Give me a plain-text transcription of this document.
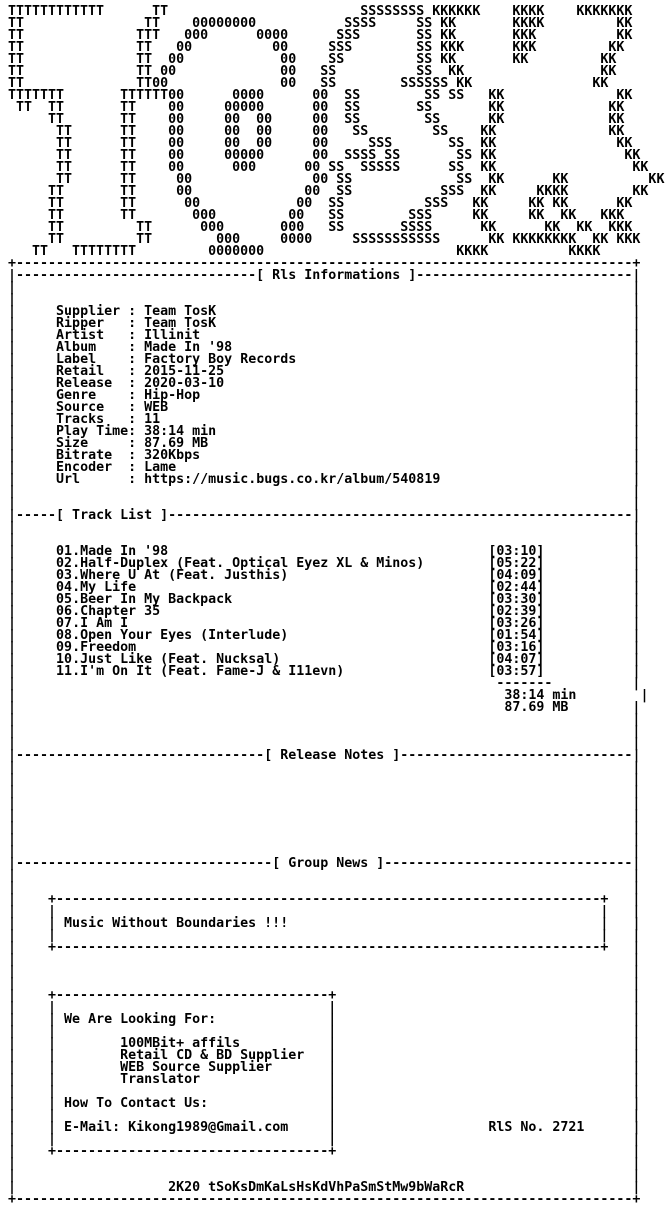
TTTTTTTTTTTT      TT                        SSSSSSSS KKKKKK    KKKK    KKKKKKK
TT               TT    00000000           SSSS     SS KK       KKKK         KK
TT              TTT   000      0000      SSS       SS KK       KKK          KK
TT              TT   00          00     SSS        SS KKK      KKK         KK
TT              TT  00            00    SS         SS KK       KK         KK
TT              TT 00             00   SS          SS  KK                 KK
TT              TT00              00   SS        SSSSSS KK               KK
TTTTTTT       TTTTTT00      0000      00  SS        SS SS   KK              KK
TT  TT       TT    00     00000      00  SS       SS       KK             KK
TT       TT    00     00  00     00  SS        SS      KK             KK
TT      TT    00     00  00     00   SS        SS    KK              KK
TT      TT    00     00  00     00     SSS       SS  KK               KK
TT      TT    00     00000      00  SSSS SS       SS KK                KK
TT      TT    00      000      00 SS  SSSSS      SS  KK                 KK
TT      TT     00               00 SS             SS  KK      KK          KK
TT       TT     00              00  SS           SSS  KK     KKKK        KK
TT       TT      00            00  SS          SSS   KK     KK KK      KK
TT       TT       000         00   SS        SSS     KK     KK  KK   KKK
TT         TT      000       000   SS       SSSS      KK      KK  KK  KKK
TT         TT        000     0000     SSSSSSSSSSS      KK KKKKKKKK  KK KKK
TT   TTTTTTTT         0000000                        KKKK          KKKK
+-----------------------------------------------------------------------------+
|------------------------------[ Rls Informations ]---------------------------|
|                                                                             |
|                                                                             |
|     Supplier : Team TosK                                                    |
|     Ripper   : Team TosK                                                    |
|     Artist   : Illinit                                                      |
|     Album    : Made In '98                                                  |
|     Label    : Factory Boy Records                                          |
|     Retail   : 2015-11-25                                                   |
|     Release  : 2020-03-10                                                   |
|     Genre    : Hip-Hop                                                      |
|     Source   : WEB                                                          |
|     Tracks   : 11                                                           |
|     Play Time: 38:14 min                                                    |
|     Size     : 87.69 MB                                                     |
|     Bitrate  : 320Kbps                                                      |
|     Encoder  : Lame                                                         |
|     Url      : https://music.bugs.co.kr/album/540819                        |
|                                                                             |
|                                                                             |
|-----[ Track List ]----------------------------------------------------------|
|                                                                             |
|                                                                             |
|     01.Made In '98	[03:10]           |
|     02.Half-Duplex (Feat. Optical Eyez XL & Minos)	[05:22]           |
|     03.Where U At (Feat. Justhis)	[04:09]           |
|     04.My Life	[02:44]           |
|     05.Beer In My Backpack	[03:30]           |
|     06.Chapter 35	[02:39]           |
|     07.I Am I	[03:26]           |
|     08.Open Your Eyes (Interlude)	[01:54]           |
|     09.Freedom	[03:16]           |
|     10.Just Like (Feat. Nucksal)	[04:07]           |
|     11.I'm On It (Feat. Fame-J & I11evn)	[03:57]           |
|                                                            -------          |
|                                                             38:14 min        |
|                                                             87.69 MB        |
|                                                                             |
|                                                                             |
|                                                                             |
|-------------------------------[ Release Notes ]-----------------------------|
|                                                                             |
|                                                                             |
|                                                                             |
|                                                                             |
|                                                                             |
|                                                                             |
|                                                                             |
|                                                                             |
|--------------------------------[ Group News ]-------------------------------|
|                                                                             |
|                                                                             |
|    +--------------------------------------------------------------------+   |
|    |                                                                    |   |
|    | Music Without Boundaries !!!                                       |   |
|    |                                                                    |   |
|    +--------------------------------------------------------------------+   |
|                                                                             |
|                                                                             |
|                                                                             |
|    +----------------------------------+                                     |
|    |                                  |                                     |
|    | We Are Looking For:              |                                     |
|    |                                  |                                     |
|    |        100MBit+ affils           |                                     |
|    |        Retail CD & BD Supplier   |                                     |
|    |        WEB Source Supplier       |                                     |
|    |        Translator                |                                     |
|    |                                  |                                     |
|    | How To Contact Us:               |                                     |
|    |                                  |                                     |
|    | E-Mail: Kikong1989@Gmail.com     |                   RlS No. 2721      |
|    |                                  |                                     |
|    +----------------------------------+                                     |
|                                                                             |
|                                                                             |
|                   2K20 tSoKsDmKaLsHsKdVhPaSmStMw9bWaRcR                     |
+-----------------------------------------------------------------------------+
